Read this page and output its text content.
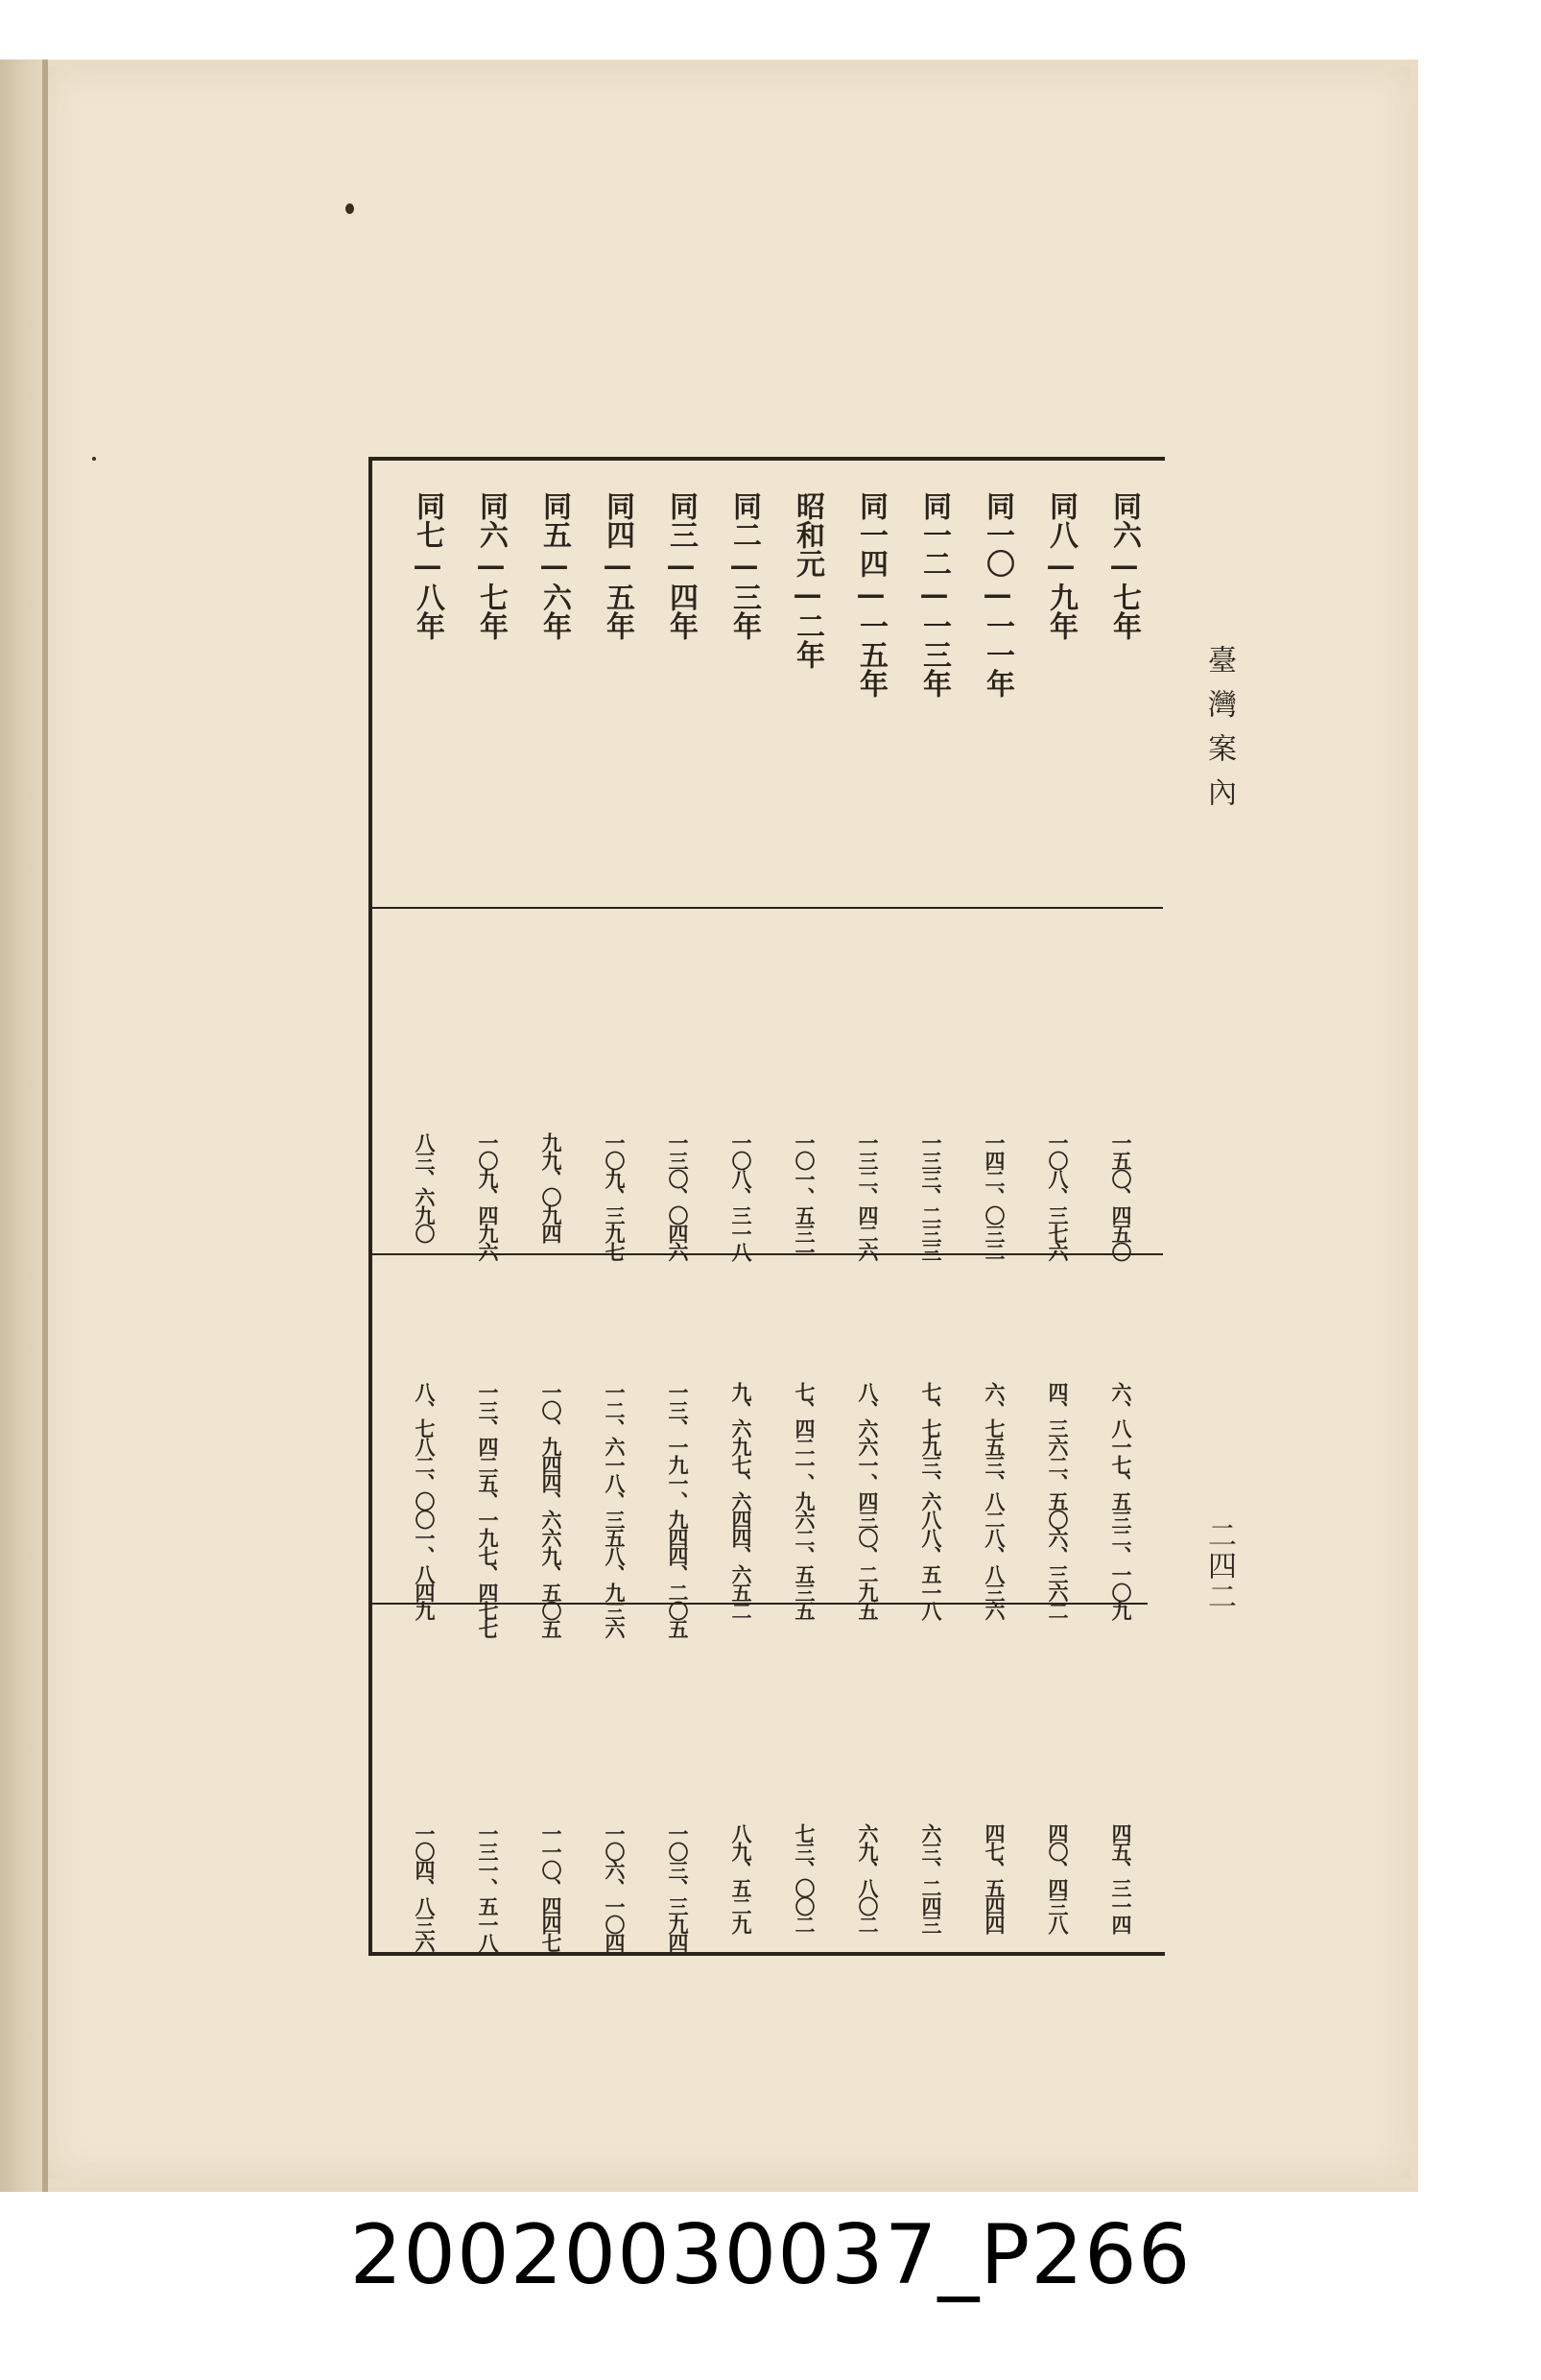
同六—七年
一五〇、四五〇
六、八一七、五三二、一〇九
四五、三一四
同八—九年
一〇八、三七六
四、三六二、五〇六、三六二
四〇、四三八
同一〇—一一年
一四二、〇三二
六、七五三、八二八、八三六
四七、五四四
同一二—一三年
一三三、二三三
七、七九三、六八八、五一八
六三、二四三
同一四—一五年
一三二、四二六
八、六六一、四三〇、二九五
六九、八〇二
昭和元—二年
一〇一、五三一
七、四二一、九六二、五三五
七三、〇〇二
同二—三年
一〇八、三一八
九、六九七、六四四、六五二
八九、五二九
同三—四年
一三〇、〇四六
一三、一九一、九四四、二〇五
一〇三、三九四
同四—五年
一〇九、三九七
一二、六一八、三五八、九三六
一〇六、一〇四
同五—六年
九九、〇九四
一〇、九四四、六六九、五〇五
一一〇、四四七
同六—七年
一〇九、四九六
一三、四二五、一九七、四七七
一三一、五一八
同七—八年
八三、六九〇
八、七八二、〇〇一、八四九
一〇四、八三六
臺灣案內
二四二
20020030037_P266
